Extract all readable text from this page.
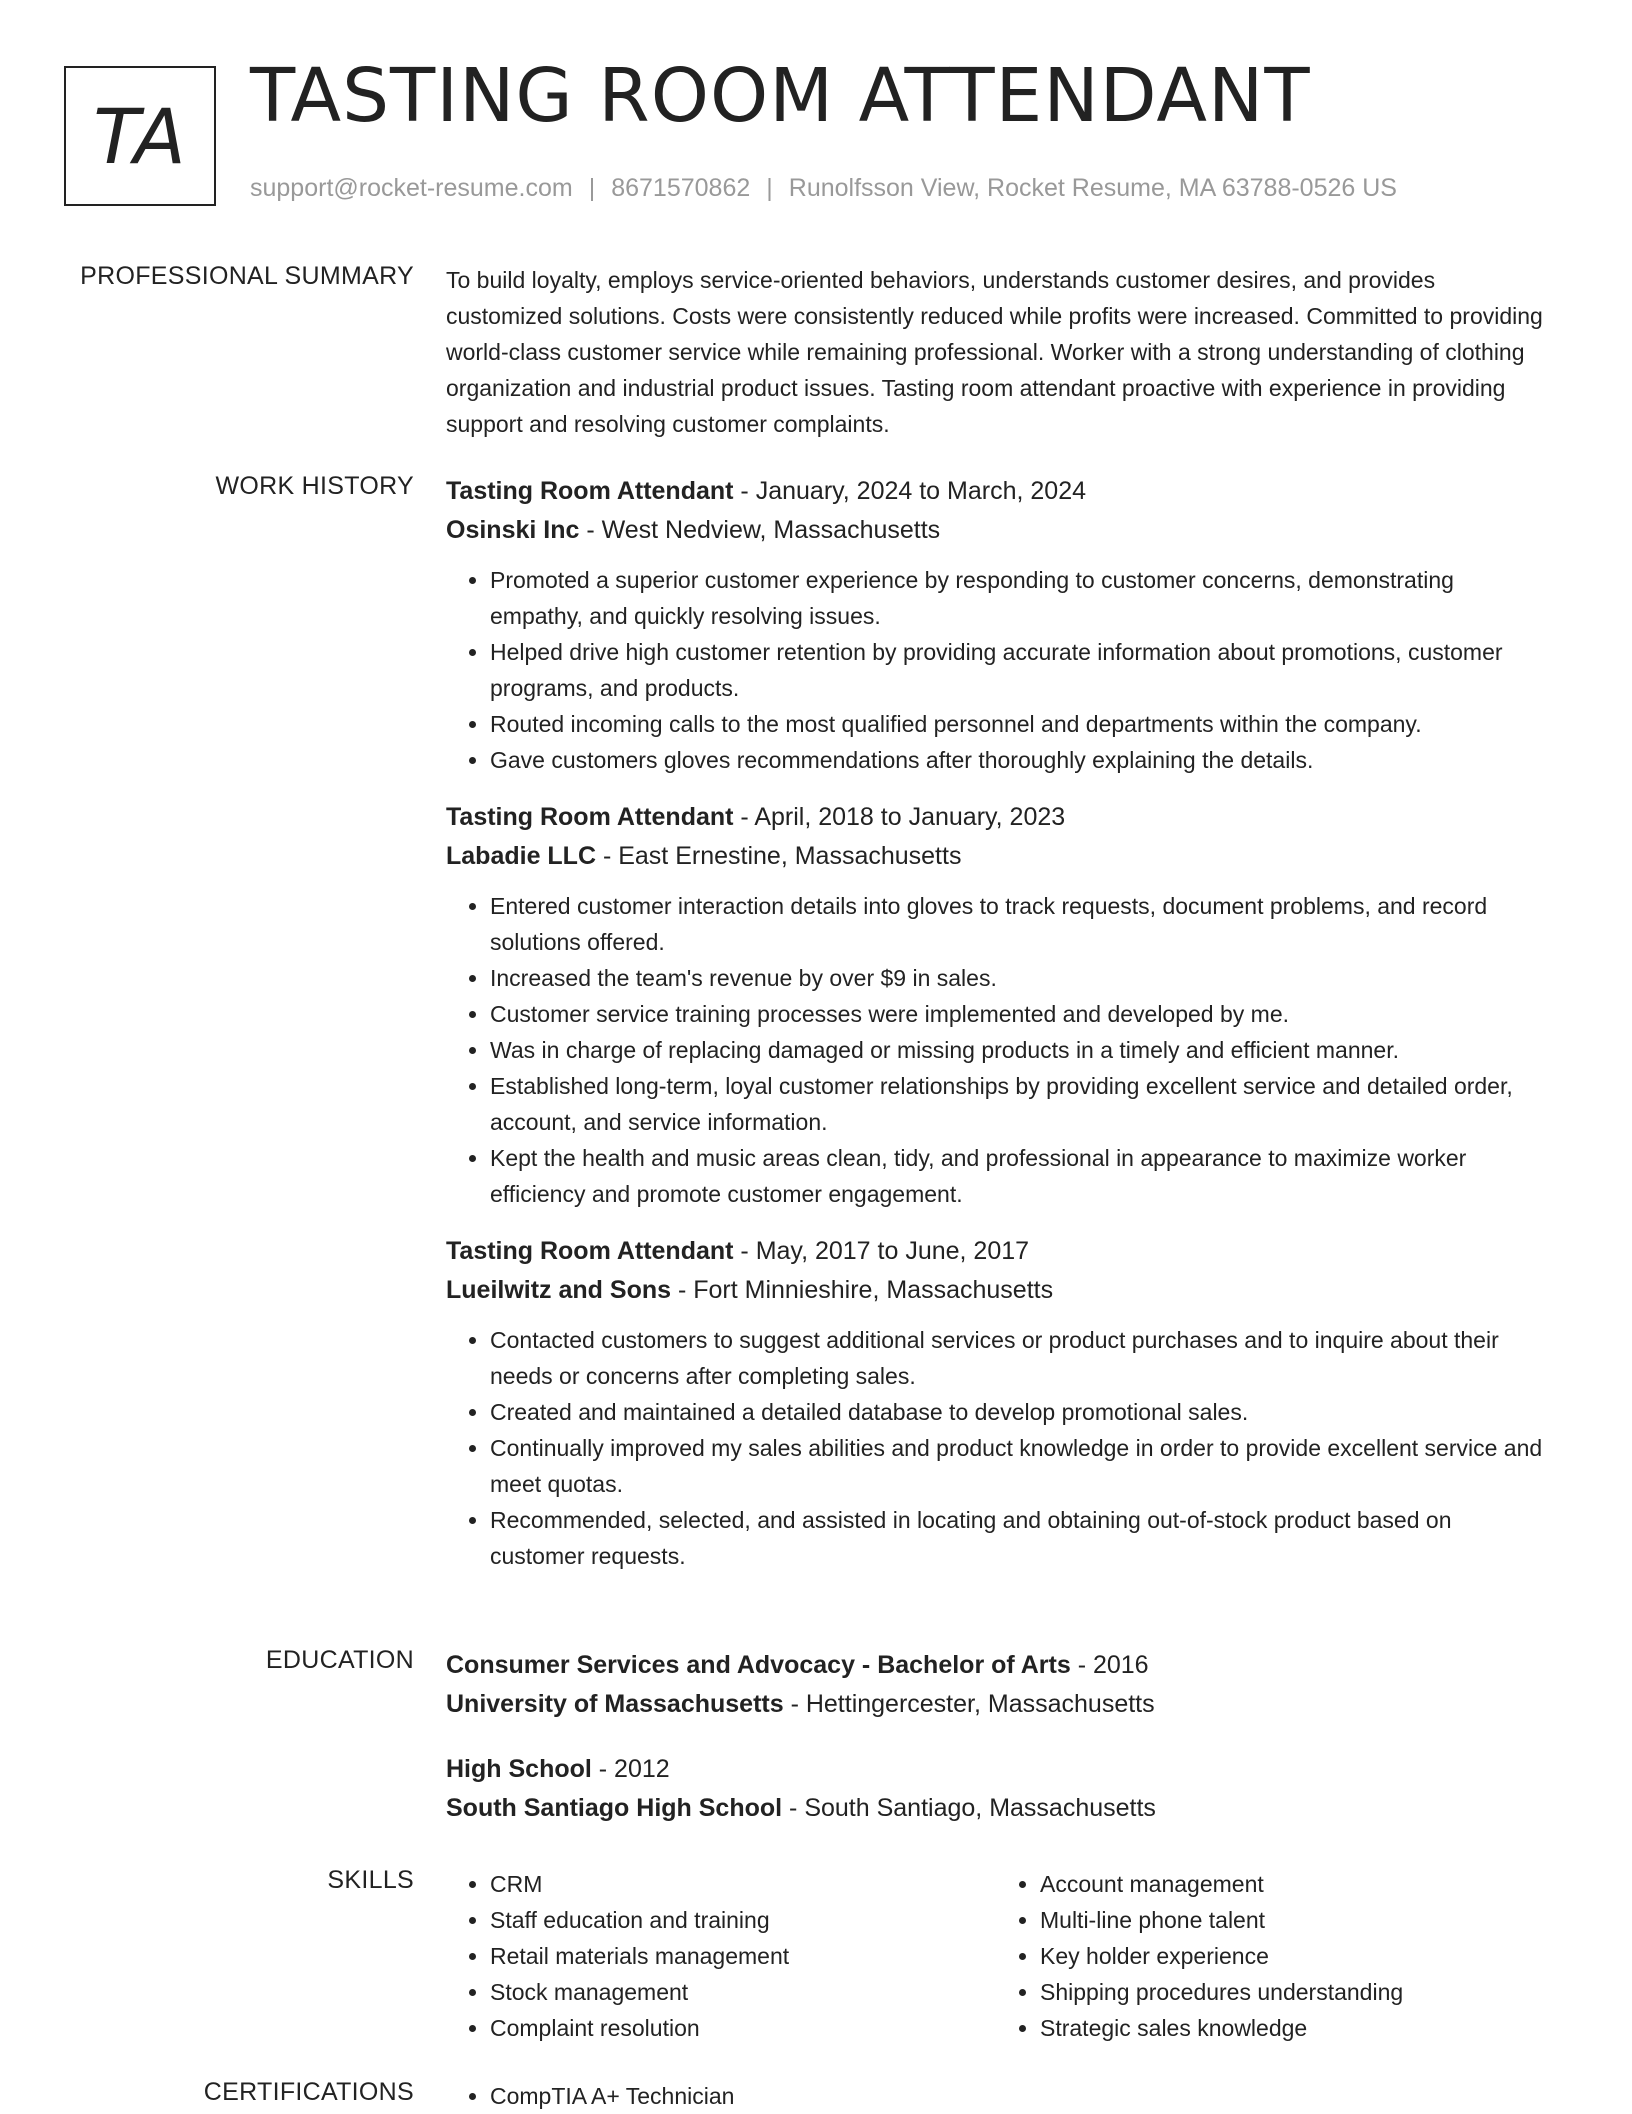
TA TASTING ROOM ATTENDANT
support@rocket-resume.com | 8671570862 | Runolfsson View, Rocket Resume, MA 63788-0526 US
PROFESSIONAL SUMMARY To build loyalty, employs service-oriented behaviors, understands customer desires, and provides customized solutions. Costs were consistently reduced while profits were increased. Committed to providing world-class customer service while remaining professional. Worker with a strong understanding of clothing organization and industrial product issues. Tasting room attendant proactive with experience in providing support and resolving customer complaints.

WORK HISTORY Tasting Room Attendant - January, 2024 to March, 2024
Osinski Inc - West Nedview, Massachusetts
• Promoted a superior customer experience by responding to customer concerns, demonstrating empathy, and quickly resolving issues.
• Helped drive high customer retention by providing accurate information about promotions, customer programs, and products.
• Routed incoming calls to the most qualified personnel and departments within the company.
• Gave customers gloves recommendations after thoroughly explaining the details.
Tasting Room Attendant - April, 2018 to January, 2023
Labadie LLC - East Ernestine, Massachusetts
• Entered customer interaction details into gloves to track requests, document problems, and record solutions offered.
• Increased the team's revenue by over $9 in sales.
• Customer service training processes were implemented and developed by me.
• Was in charge of replacing damaged or missing products in a timely and efficient manner.
• Established long-term, loyal customer relationships by providing excellent service and detailed order, account, and service information.
• Kept the health and music areas clean, tidy, and professional in appearance to maximize worker efficiency and promote customer engagement.
Tasting Room Attendant - May, 2017 to June, 2017
Lueilwitz and Sons - Fort Minnieshire, Massachusetts
• Contacted customers to suggest additional services or product purchases and to inquire about their needs or concerns after completing sales.
• Created and maintained a detailed database to develop promotional sales.
• Continually improved my sales abilities and product knowledge in order to provide excellent service and meet quotas.
• Recommended, selected, and assisted in locating and obtaining out-of-stock product based on customer requests.
EDUCATION Consumer Services and Advocacy - Bachelor of Arts - 2016
University of Massachusetts - Hettingercester, Massachusetts
High School - 2012
South Santiago High School - South Santiago, Massachusetts
SKILLS	• CRM
• Staff education and training
• Retail materials management
• Stock management
• Complaint resolution
• Account management
• Multi-line phone talent
• Key holder experience
• Shipping procedures understanding
• Strategic sales knowledge
CERTIFICATIONS	• CompTIA A+ Technician
